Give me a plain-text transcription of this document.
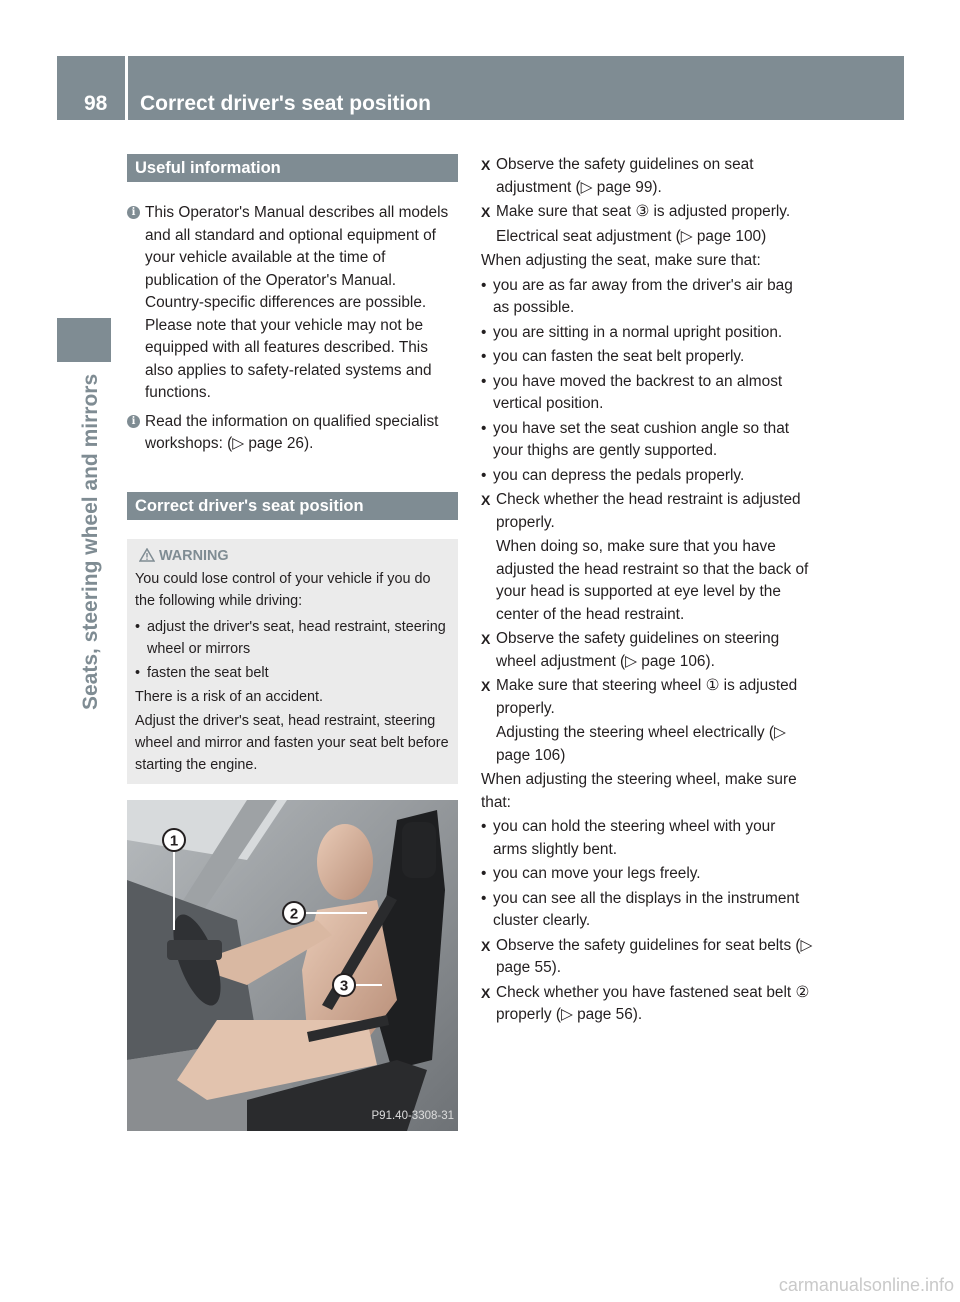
98	Correct driver's seat position
Seats, steering wheel and mirrors
Useful information
i This Operator's Manual describes all models and all standard and optional equipment of your vehicle available at the time of publication of the Operator's Manual. Country-specific differences are possible. Please note that your vehicle may not be equipped with all features described. This also applies to safety-related systems and functions.
i Read the information on qualified specialist workshops: (▷ page 26).
Correct driver's seat position
WARNING
You could lose control of your vehicle if you do the following while driving:
• adjust the driver's seat, head restraint, steering wheel or mirrors
• fasten the seat belt
There is a risk of an accident.
Adjust the driver's seat, head restraint, steering wheel and mirror and fasten your seat belt before starting the engine.
1
2
3
P91.40-3308-31
X Observe the safety guidelines on seat adjustment (▷ page 99).
X Make sure that seat ③ is adjusted properly.
Electrical seat adjustment (▷ page 100)
When adjusting the seat, make sure that:
• you are as far away from the driver's air bag as possible.
• you are sitting in a normal upright position.
• you can fasten the seat belt properly.
• you have moved the backrest to an almost vertical position.
• you have set the seat cushion angle so that your thighs are gently supported.
• you can depress the pedals properly.
X Check whether the head restraint is adjusted properly.
When doing so, make sure that you have adjusted the head restraint so that the back of your head is supported at eye level by the center of the head restraint.
X Observe the safety guidelines on steering wheel adjustment (▷ page 106).
X Make sure that steering wheel ① is adjusted properly.
Adjusting the steering wheel electrically (▷ page 106)
When adjusting the steering wheel, make sure that:
• you can hold the steering wheel with your arms slightly bent.
• you can move your legs freely.
• you can see all the displays in the instrument cluster clearly.
X Observe the safety guidelines for seat belts (▷ page 55).
X Check whether you have fastened seat belt ② properly (▷ page 56).
carmanualsonline.info
